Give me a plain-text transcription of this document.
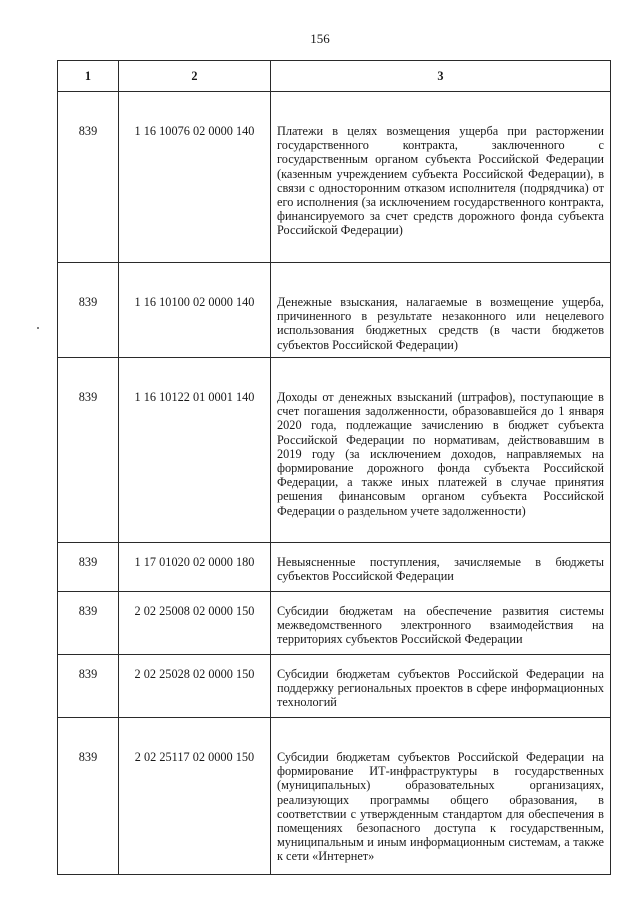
156
1	2	3
839	1 16 10076 02 0000 140	Платежи в целях возмещения ущерба при расторжении государственного контракта, заключенного с государственным органом субъекта Российской Федерации (казенным учреждением субъекта Российской Федерации), в связи с односторонним отказом исполнителя (подрядчика) от его исполнения (за исключением государственного контракта, финансируемого за счет средств дорожного фонда субъекта Российской Федерации)
839	1 16 10100 02 0000 140	Денежные взыскания, налагаемые в возмещение ущерба, причиненного в результате незаконного или нецелевого использования бюджетных средств (в части бюджетов субъектов Российской Федерации)
839	1 16 10122 01 0001 140	Доходы от денежных взысканий (штрафов), поступающие в счет погашения задолженности, образовавшейся до 1 января 2020 года, подлежащие зачислению в бюджет субъекта Российской Федерации по нормативам, действовавшим в 2019 году (за исключением доходов, направляемых на формирование дорожного фонда субъекта Российской Федерации, а также иных платежей в случае принятия решения финансовым органом субъекта Российской Федерации о раздельном учете задолженности)
839	1 17 01020 02 0000 180	Невыясненные поступления, зачисляемые в бюджеты субъектов Российской Федерации
839	2 02 25008 02 0000 150	Субсидии бюджетам на обеспечение развития системы межведомственного электронного взаимодействия на территориях субъектов Российской Федерации
839	2 02 25028 02 0000 150	Субсидии бюджетам субъектов Российской Федерации на поддержку региональных проектов в сфере информационных технологий
839	2 02 25117 02 0000 150	Субсидии бюджетам субъектов Российской Федерации на формирование ИТ-инфраструктуры в государственных (муниципальных) образовательных организациях, реализующих программы общего образования, в соответствии с утвержденным стандартом для обеспечения в помещениях безопасного доступа к государственным, муниципальным и иным информационным системам, а также к сети «Интернет»
